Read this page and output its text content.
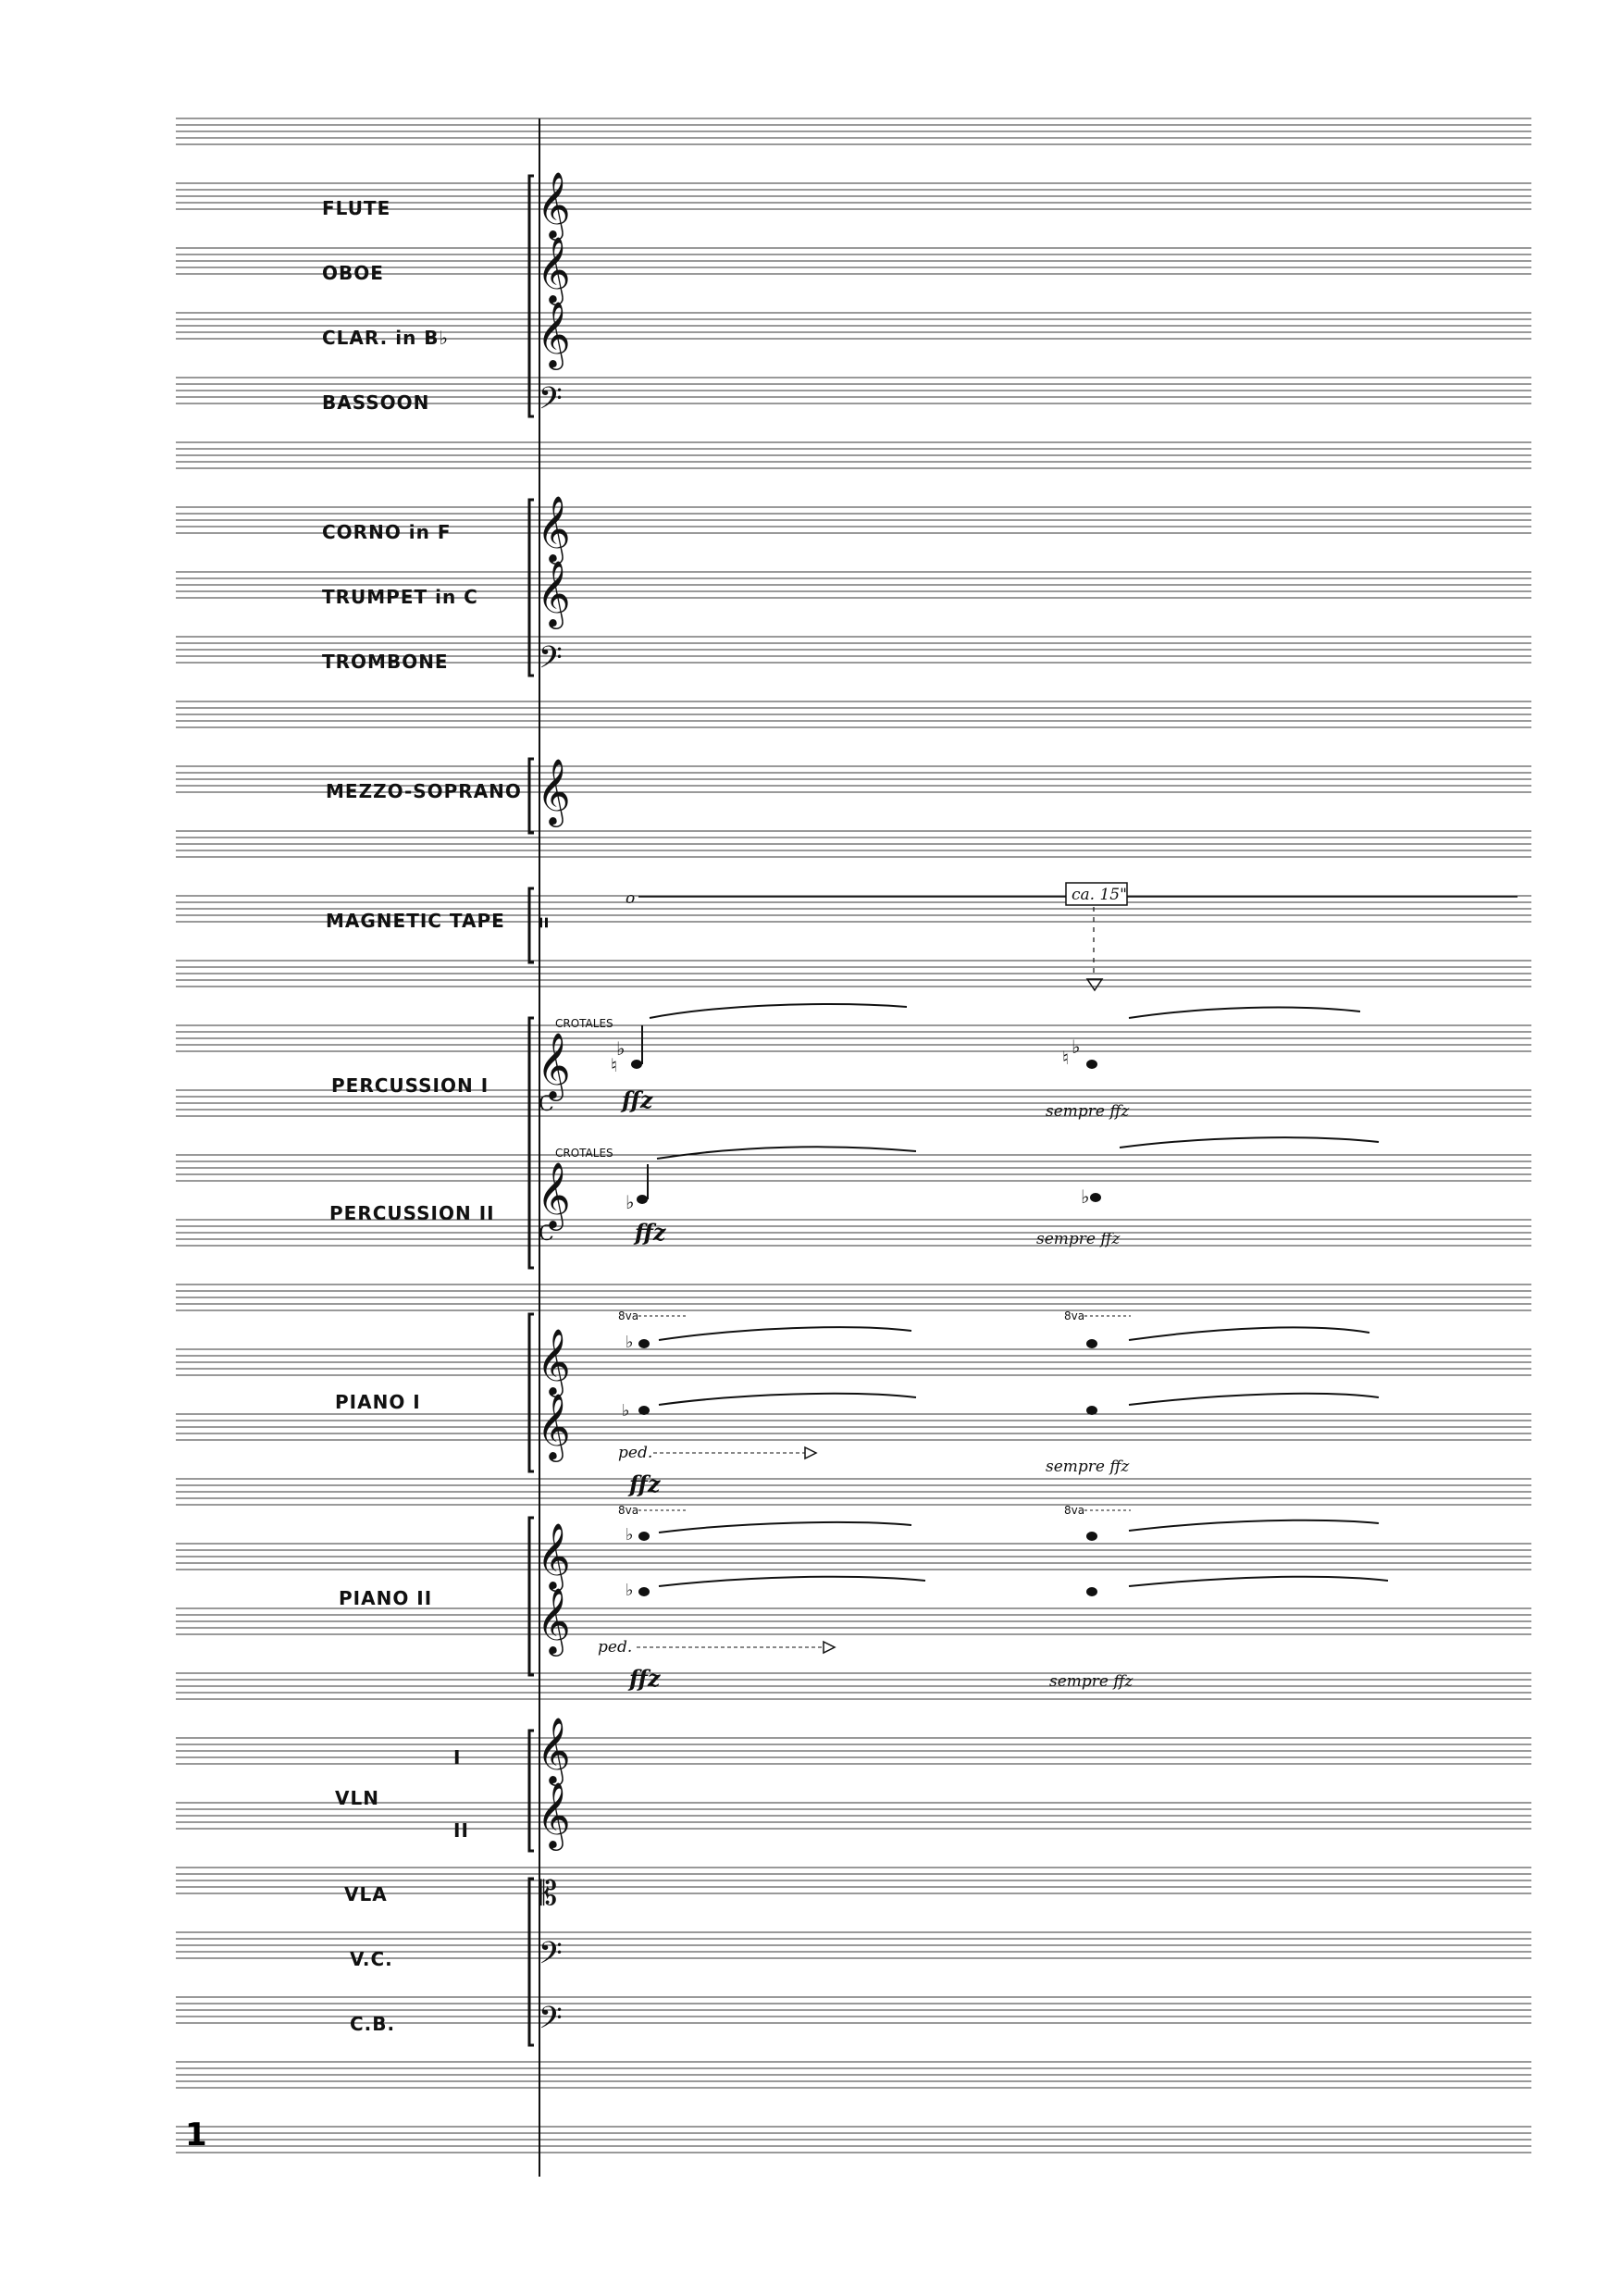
FLUTE
OBOE
CLAR. in B♭
BASSOON
CORNO in F
TRUMPET in C
TROMBONE
MEZZO-SOPRANO
MAGNETIC TAPE
PERCUSSION I
PERCUSSION II
PIANO I
PIANO II
I
VLN
II
VLA
V.C.
C.B.
𝄞
𝄞
𝄞
𝄢
𝄞
𝄞
𝄢
𝄞
𝄥
𝄞
𝄞
𝄞
𝄞
𝄞
𝄞
𝄞
𝄞
𝄡
𝄢
𝄢
o	ca. 15"
CROTALES
C
♭
♮
ffz
♮ ♭
sempre ffz
CROTALES
C
♭
ffz
♭
sempre ffz
8va
♭
♭
ped.
ffz
8va
sempre ffz
8va
♭
♭
ped.
ffz
8va
sempre ffz
1
